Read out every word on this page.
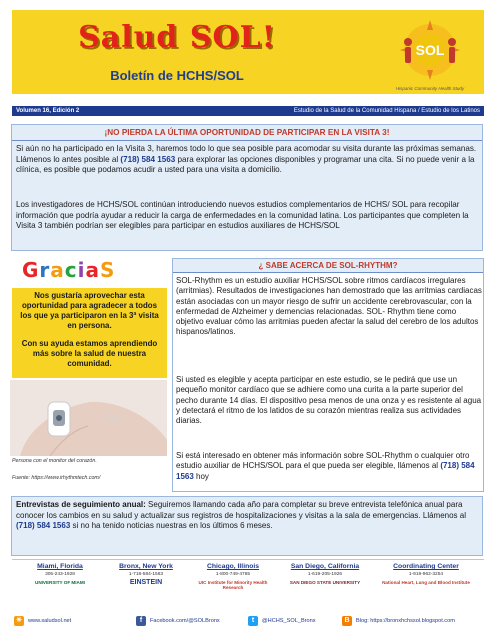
Salud SOL!
Boletín de HCHS/SOL
SOL
Hispanic Community Health Study
Volumen 16, Edición 2	Estudio de la Salud de la Comunidad Hispana / Estudio de los Latinos
¡NO PIERDA LA ÚLTIMA OPORTUNIDAD DE PARTICIPAR EN LA VISITA 3!
Si aún no ha participado en la Visita 3, haremos todo lo que sea posible para acomodar su visita durante las próximas semanas. Llámenos lo antes posible al (718) 584 1563 para explorar las opciones disponibles y programar una cita. Si no puede venir a la clínica, es posible que podamos acudir a usted para una visita a domicilio.
Los investigadores de HCHS/SOL continúan introduciendo nuevos estudios complementarios de HCHS/ SOL para recopilar información que podría ayudar a reducir la carga de enfermedades en la comunidad latina. Los participantes que completen la Visita 3 también podrían ser elegibles para participar en estudios auxiliares de HCHS/SOL
GraciaS
Nos gustaría aprovechar esta oportunidad para agradecer a todos los que ya participaron en la 3ª visita en persona.
Con su ayuda estamos aprendiendo más sobre la salud de nuestra comunidad.
Persona con el monitor del corazón.
Fuente: https://www.irhythmtech.com/
¿ SABE ACERCA DE SOL-RHYTHM?
SOL-Rhythm es un estudio auxiliar HCHS/SOL sobre ritmos cardíacos irregulares (arritmias). Resultados de investigaciones han demostrado que las arritmias cardiacas están asociadas con un mayor riesgo de sufrir un accidente cerebrovascular, con la enfermedad de Alzheimer y demencias relacionadas. SOL- Rhythm tiene como objetivo evaluar cómo las arritmias pueden afectar la salud del cerebro de los adultos hispanos/latinos.
Si usted es elegible y acepta participar en este estudio, se le pedirá que use un pequeño monitor cardíaco que se adhiere como una curita a la parte superior del pecho durante 14 días. El dispositivo pesa menos de una onza y es resistente al agua y detectará el ritmo de los latidos de su corazón mientras realiza sus actividades diarias.
Si está interesado en obtener más información sobre SOL-Rhythm o cualquier otro estudio auxiliar de HCHS/SOL para el que pueda ser elegible, llámenos al (718) 584 1563 hoy
Entrevistas de seguimiento anual: Seguiremos llamando cada año para completar su breve entrevista telefónica anual para conocer los cambios en su salud y actualizar sus registros de hospitalizaciones y visitas a la sala de emergencias. Llámenos al (718) 584 1563 si no ha tenido noticias nuestras en los últimos 6 meses.
Miami, Florida
305-243-1928
UNIVERSITY OF MIAMI
Bronx, New York
1-718-584-1563
EINSTEIN
Chicago, Illinois
1-800-749-4765
UIC Institute for Minority Health Research
San Diego, California
1-619-205-1926
SAN DIEGO STATE UNIVERSITY
Coordinating Center
1-919-962-3254
National Heart, Lung and Blood Institute
☀	www.saludsol.net	f	Facebook.com/@SOLBronx	t	@HCHS_SOL_Bronx	B	Blog: https://bronxhchssol.blogspot.com
